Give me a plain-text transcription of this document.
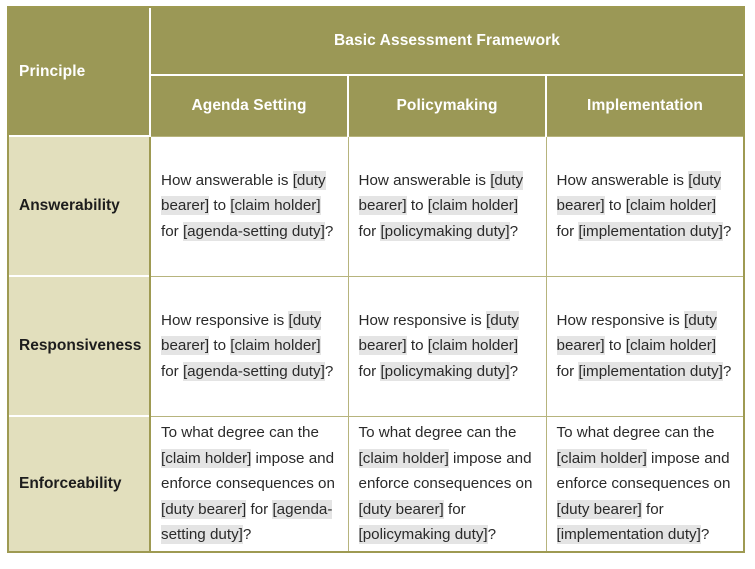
Principle	Basic Assessment Framework		
	Agenda Setting	Policymaking	Implementation
Answerability	How answerable is [duty bearer] to [claim holder] for [agenda-setting duty]?	How answerable is [duty bearer] to [claim holder] for [policymaking duty]?	How answerable is [duty bearer] to [claim holder] for [implementation duty]?
Responsiveness	How responsive is [duty bearer] to [claim holder] for [agenda-setting duty]?	How responsive is [duty bearer] to [claim holder] for [policymaking duty]?	How responsive is [duty bearer] to [claim holder] for [implementation duty]?
Enforceability	To what degree can the [claim holder] impose and enforce consequences on [duty bearer] for [agenda-setting duty]?	To what degree can the [claim holder] impose and enforce consequences on [duty bearer] for [policymaking duty]?	To what degree can the [claim holder] impose and enforce consequences on [duty bearer] for [implementation duty]?
